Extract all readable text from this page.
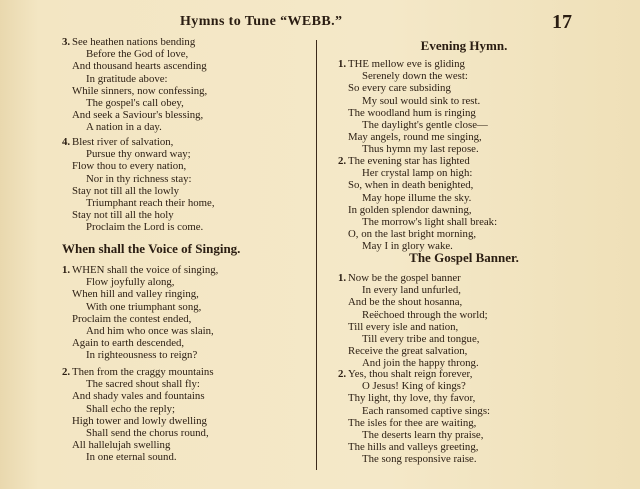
Hymns to Tune “WEBB.”	17
3. See heathen nations bending
Before the God of love,
And thousand hearts ascending
In gratitude above:
While sinners, now confessing,
The gospel's call obey,
And seek a Saviour's blessing,
A nation in a day.
4. Blest river of salvation,
Pursue thy onward way;
Flow thou to every nation,
Nor in thy richness stay:
Stay not till all the lowly
Triumphant reach their home,
Stay not till all the holy
Proclaim the Lord is come.
When shall the Voice of Singing.
1. WHEN shall the voice of singing,
Flow joyfully along,
When hill and valley ringing,
With one triumphant song,
Proclaim the contest ended,
And him who once was slain,
Again to earth descended,
In righteousness to reign?
2. Then from the craggy mountains
The sacred shout shall fly:
And shady vales and fountains
Shall echo the reply;
High tower and lowly dwelling
Shall send the chorus round,
All hallelujah swelling
In one eternal sound.
Evening Hymn.
1. THE mellow eve is gliding
Serenely down the west:
So every care subsiding
My soul would sink to rest.
The woodland hum is ringing
The daylight's gentle close—
May angels, round me singing,
Thus hymn my last repose.
2. The evening star has lighted
Her crystal lamp on high:
So, when in death benighted,
May hope illume the sky.
In golden splendor dawning,
The morrow's light shall break:
O, on the last bright morning,
May I in glory wake.
The Gospel Banner.
1. Now be the gospel banner
In every land unfurled,
And be the shout hosanna,
Reëchoed through the world;
Till every isle and nation,
Till every tribe and tongue,
Receive the great salvation,
And join the happy throng.
2. Yes, thou shalt reign forever,
O Jesus! King of kings?
Thy light, thy love, thy favor,
Each ransomed captive sings:
The isles for thee are waiting,
The deserts learn thy praise,
The hills and valleys greeting,
The song responsive raise.
